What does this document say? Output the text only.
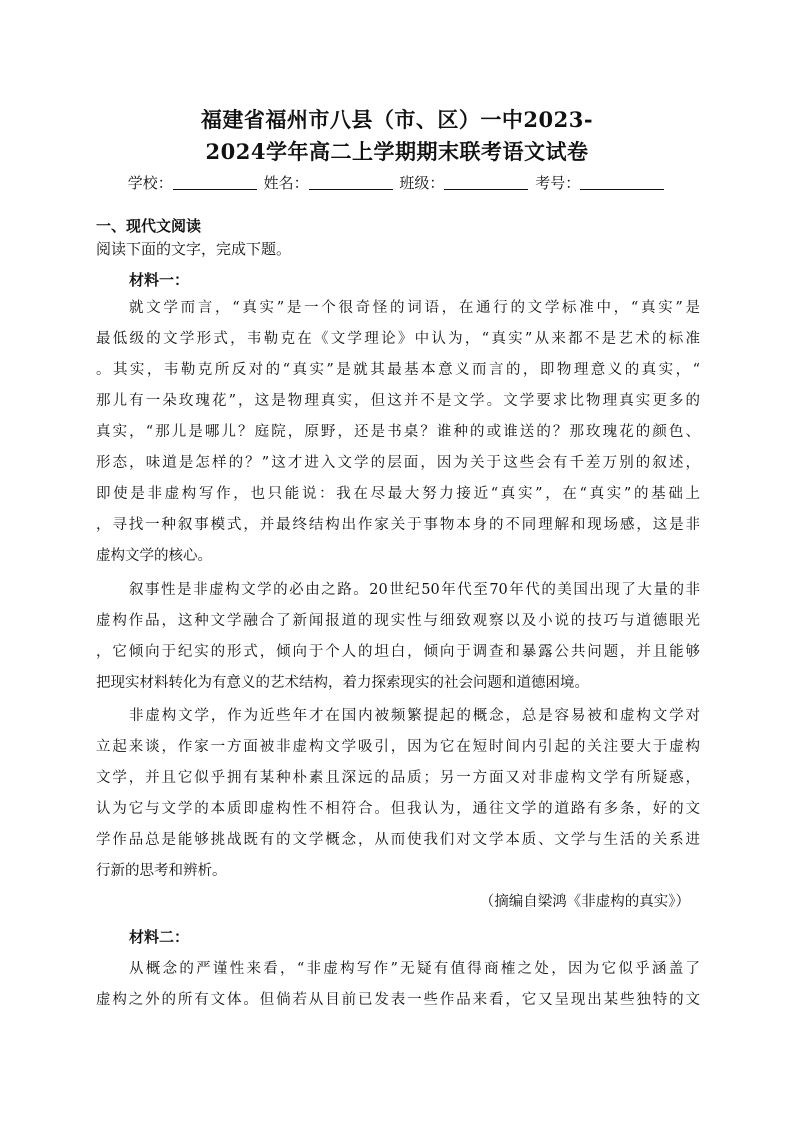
福建省福州市八县（市、区）一中2023-
2024学年高二上学期期末联考语文试卷
学校：	姓名：	班级：	考号：
一、现代文阅读
阅读下面的文字，完成下题。
材料一：
就文学而言，“真实”是一个很奇怪的词语，在通行的文学标准中，“真实”是
最低级的文学形式，韦勒克在《文学理论》中认为，“真实”从来都不是艺术的标准
。其实，韦勒克所反对的“真实”是就其最基本意义而言的，即物理意义的真实，“
那儿有一朵玫瑰花”，这是物理真实，但这并不是文学。文学要求比物理真实更多的
真实，“那儿是哪儿？庭院，原野，还是书桌？谁种的或谁送的？那玫瑰花的颜色、
形态，味道是怎样的？”这才进入文学的层面，因为关于这些会有千差万别的叙述，
即使是非虚构写作，也只能说：我在尽最大努力接近“真实”，在“真实”的基础上
，寻找一种叙事模式，并最终结构出作家关于事物本身的不同理解和现场感，这是非
虚构文学的核心。
叙事性是非虚构文学的必由之路。20世纪50年代至70年代的美国出现了大量的非
虚构作品，这种文学融合了新闻报道的现实性与细致观察以及小说的技巧与道德眼光
，它倾向于纪实的形式，倾向于个人的坦白，倾向于调查和暴露公共问题，并且能够
把现实材料转化为有意义的艺术结构，着力探索现实的社会问题和道德困境。
非虚构文学，作为近些年才在国内被频繁提起的概念，总是容易被和虚构文学对
立起来谈，作家一方面被非虚构文学吸引，因为它在短时间内引起的关注要大于虚构
文学，并且它似乎拥有某种朴素且深远的品质；另一方面又对非虚构文学有所疑惑，
认为它与文学的本质即虚构性不相符合。但我认为，通往文学的道路有多条，好的文
学作品总是能够挑战既有的文学概念，从而使我们对文学本质、文学与生活的关系进
行新的思考和辨析。
（摘编自梁鸿《非虚构的真实》）
材料二：
从概念的严谨性来看，“非虚构写作”无疑有值得商榷之处，因为它似乎涵盖了
虚构之外的所有文体。但倘若从目前已发表一些作品来看，它又呈现出某些独特的文
